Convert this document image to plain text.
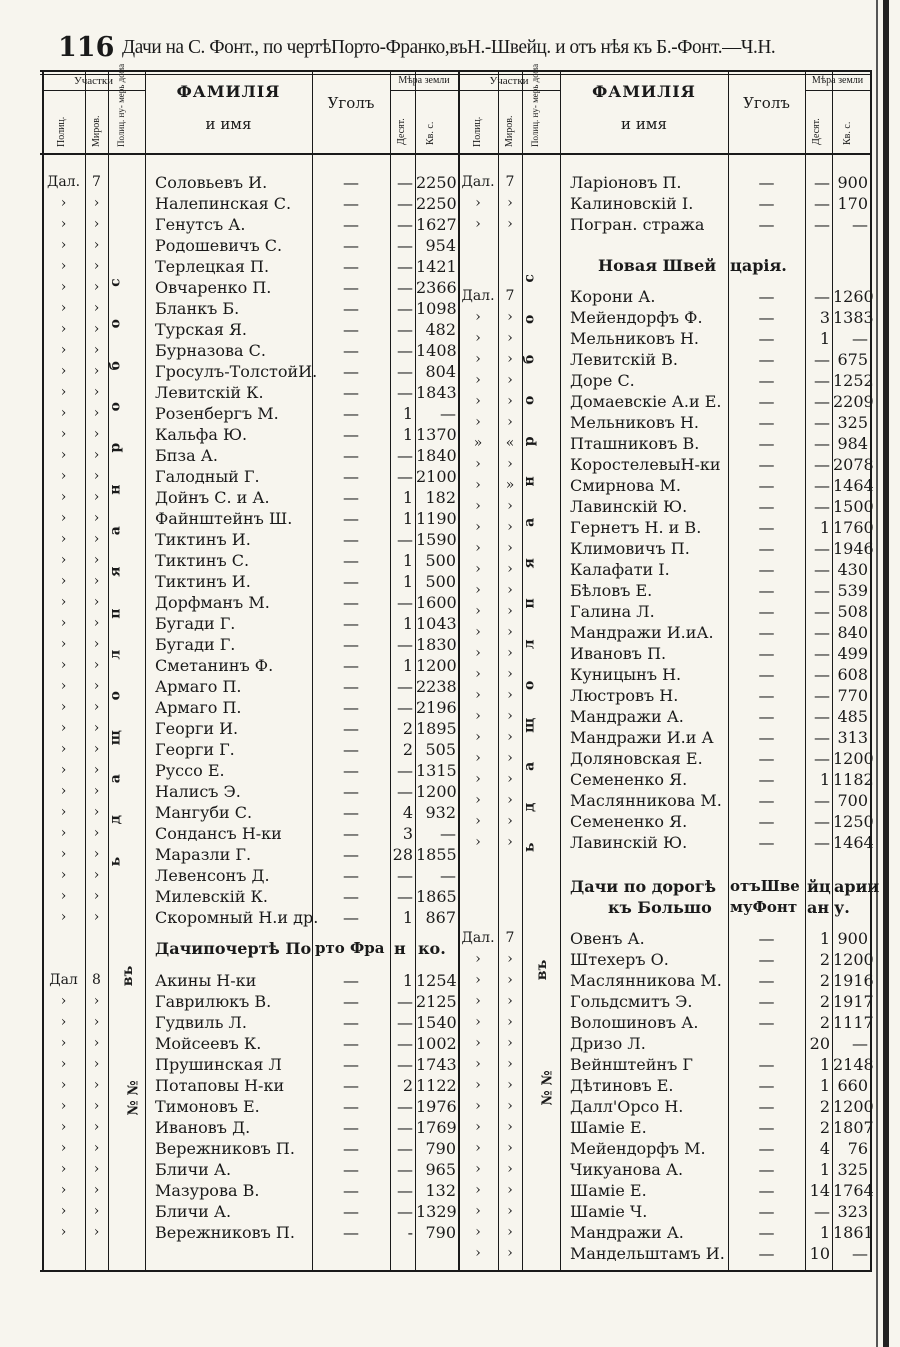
116 Дачи на С. Фонт., по чертѣПорто-Франко,въН.-Швейц. и отъ нѣя къ Б.-Фонт.—Ч.Н.
Участки	Мѣра земли
ФАМИЛІЯ
и имя
Уголъ
Полиц. Миров. Полиц. ну- мерь дома	Десят. Кв. с.
Участки	Мѣра земли
ФАМИЛІЯ
и имя
Уголъ
Полиц. Миров. Полиц. ну- мерь дома	Десят. Кв. с.
Дал. 7	Соловьевъ И.	—	— 2250
›	›	Налепинская С.	—	— 2250
›	›	Генутсъ А.	—	— 1627
›	›	Родошевичъ С.	—	— 954
›	›	Терлецкая П.	—	— 1421
›	›	Овчаренко П.	—	— 2366
›	›	Бланкъ Б.	—	— 1098
›	›	Турская Я.	—	— 482
›	›	Бурназова С.	—	— 1408
›	›	Гросулъ-ТолстойИ.	—	— 804
›	›	Левитскій К.	—	— 1843
›	›	Розенбергъ М.	—	1	—
›	›	Кальфа Ю.	—	1 1370
›	›	Бпза А.	—	— 1840
›	›	Галодный Г.	—	— 2100
›	›	Дойнъ С. и А.	—	1 182
›	›	Файнштейнъ Ш.	—	1 1190
›	›	Тиктинъ И.	—	— 1590
›	›	Тиктинъ С.	—	1 500
›	›	Тиктинъ И.	—	1 500
›	›	Дорфманъ М.	—	— 1600
›	›	Бугади Г.	—	1 1043
›	›	Бугади Г.	—	— 1830
›	›	Сметанинъ Ф.	—	1 1200
›	›	Армаго П.	—	— 2238
›	›	Армаго П.	—	— 2196
›	›	Георги И.	—	2 1895
›	›	Георги Г.	—	2 505
›	›	Руссо Е.	—	— 1315
›	›	Налисъ Э.	—	— 1200
›	›	Мангуби С.	—	4 932
›	›	Сондансъ Н-ки	—	3	—
›	›	Маразли Г.	—	28 1855
›	›	Левенсонъ Д.	—	—	—
›	›	Милевскій К.	—	— 1865
›	›	Скоромный Н.и др.	—	1 867
Дачипочертѣ По рто Фра н ко.
Дал	8	Акины Н-ки	—	1 1254
›	›	Гаврилюкъ В.	—	— 2125
›	›	Гудвиль Л.	—	— 1540
›	›	Мойсеевъ К.	—	— 1002
›	›	Прушинская Л	—	— 1743
›	›	Потаповы Н-ки	—	2 1122
›	›	Тимоновъ Е.	—	— 1976
›	›	Ивановъ Д.	—	— 1769
›	›	Вережниковъ П.	—	— 790
›	›	Бличи А.	—	— 965
›	›	Мазурова В.	—	— 132
›	›	Бличи А.	—	— 1329
›	›	Вережниковъ П.	—	- 790
с
о
б
о
р
н
а
я
п
л
о
щ
а
д
ь
въ
№ №
Дал. 7	Ларіоновъ П.	—	— 900
›	›	Калиновскій І.	—	— 170
›	›	Погран. стража	—	—	—
Новая Швей царія.
Дал. 7	Корони А.	—	— 1260
›	›	Мейендорфъ Ф.	—	3 1383
›	›	Мельниковъ Н.	—	1	—
›	›	Левитскій В.	—	— 675
›	›	Доре С.	—	— 1252
›	›	Домаевскіе А.и Е.	—	— 2209
›	›	Мельниковъ Н.	—	— 325
»	«	Пташниковъ В.	—	— 984
›	›	КоростелевыН-ки	—	— 2078
›	»	Смирнова М.	—	— 1464
›	›	Лавинскій Ю.	—	— 1500
›	›	Гернетъ Н. и В.	—	1 1760
›	›	Климовичъ П.	—	— 1946
›	›	Калафати І.	—	— 430
›	›	Бѣловъ Е.	—	— 539
›	›	Галина Л.	—	— 508
›	›	Мандражи И.иА.	—	— 840
›	›	Ивановъ П.	—	— 499
›	›	Куницынъ Н.	—	— 608
›	›	Люстровъ Н.	—	— 770
›	›	Мандражи А.	—	— 485
›	›	Мандражи И.и А	—	— 313
›	›	Доляновская Е.	—	— 1200
›	›	Семененко Я.	—	1 1182
›	›	Маслянникова М.	—	— 700
›	›	Семененко Я.	—	— 1250
›	›	Лавинскій Ю.	—	— 1464
Дачи по дорогѣ отъШве йц арии
къ Большо муФонт ан у.
Дал. 7	Овенъ А.	—	1 900
›	›	Штехеръ О.	—	2 1200
›	›	Маслянникова М.	—	2 1916
›	›	Гольдсмитъ Э.	—	2 1917
›	›	Волошиновъ А.	—	2 1117
›	›	Дризо Л.	20	—
›	›	Вейнштейнъ Г	—	1 2148
›	›	Дѣтиновъ Е.	—	1 660
›	›	Далл'Орсо Н.	—	2 1200
›	›	Шаміе Е.	—	2 1807
›	›	Мейендорфъ М.	—	4	76
›	›	Чикуанова А.	—	1 325
›	›	Шаміе Е.	—	14 1764
›	›	Шаміе Ч.	—	— 323
›	›	Мандражи А.	—	1 1861
›	›	Мандельштамъ И.	—	10	—
с
о
б
о
р
н
а
я
п
л
о
щ
а
д
ь
въ
№ №
